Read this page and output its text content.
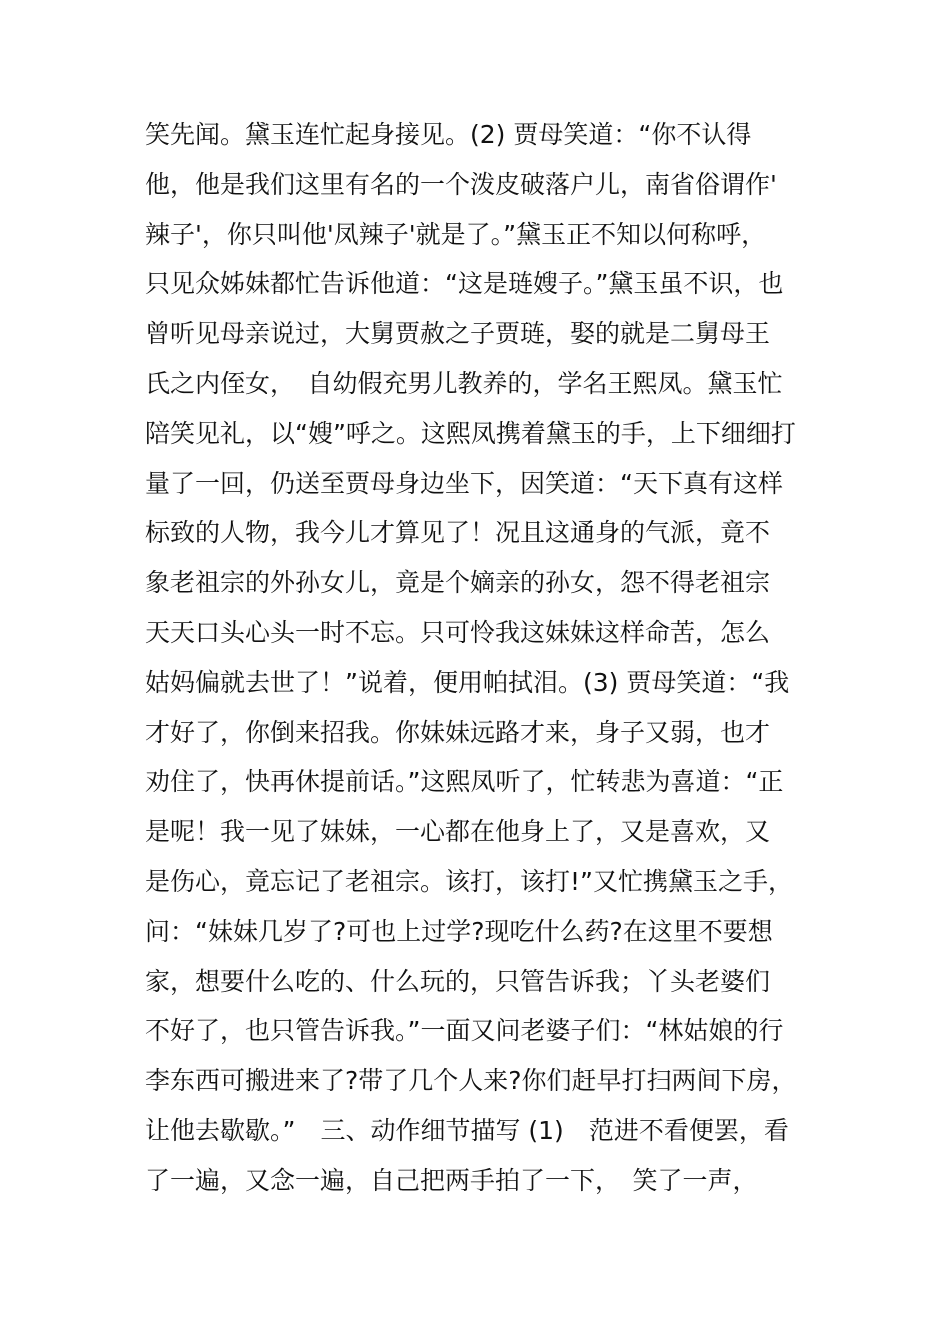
笑先闻。黛玉连忙起身接见。(2) 贾母笑道：“你不认得
他，他是我们这里有名的一个泼皮破落户儿，南省俗谓作'
辣子'，你只叫他'凤辣子'就是了。”黛玉正不知以何称呼，
只见众姊妹都忙告诉他道：“这是琏嫂子。”黛玉虽不识，也
曾听见母亲说过，大舅贾赦之子贾琏，娶的就是二舅母王
氏之内侄女，　自幼假充男儿教养的，学名王熙凤。黛玉忙
陪笑见礼，以“嫂”呼之。这熙凤携着黛玉的手，上下细细打
量了一回，仍送至贾母身边坐下，因笑道：“天下真有这样
标致的人物，我今儿才算见了！况且这通身的气派，竟不
象老祖宗的外孙女儿，竟是个嫡亲的孙女，怨不得老祖宗
天天口头心头一时不忘。只可怜我这妹妹这样命苦，怎么
姑妈偏就去世了！”说着，便用帕拭泪。(3) 贾母笑道：“我
才好了，你倒来招我。你妹妹远路才来，身子又弱，也才
劝住了，快再休提前话。”这熙凤听了，忙转悲为喜道：“正
是呢！我一见了妹妹，一心都在他身上了，又是喜欢，又
是伤心，竟忘记了老祖宗。该打，该打!”又忙携黛玉之手，
问：“妹妹几岁了?可也上过学?现吃什么药?在这里不要想
家，想要什么吃的、什么玩的，只管告诉我；丫头老婆们
不好了，也只管告诉我。”一面又问老婆子们：“林姑娘的行
李东西可搬进来了?带了几个人来?你们赶早打扫两间下房，
让他去歇歇。”　三、动作细节描写 (1)　范进不看便罢，看
了一遍，又念一遍，自己把两手拍了一下，　笑了一声，
